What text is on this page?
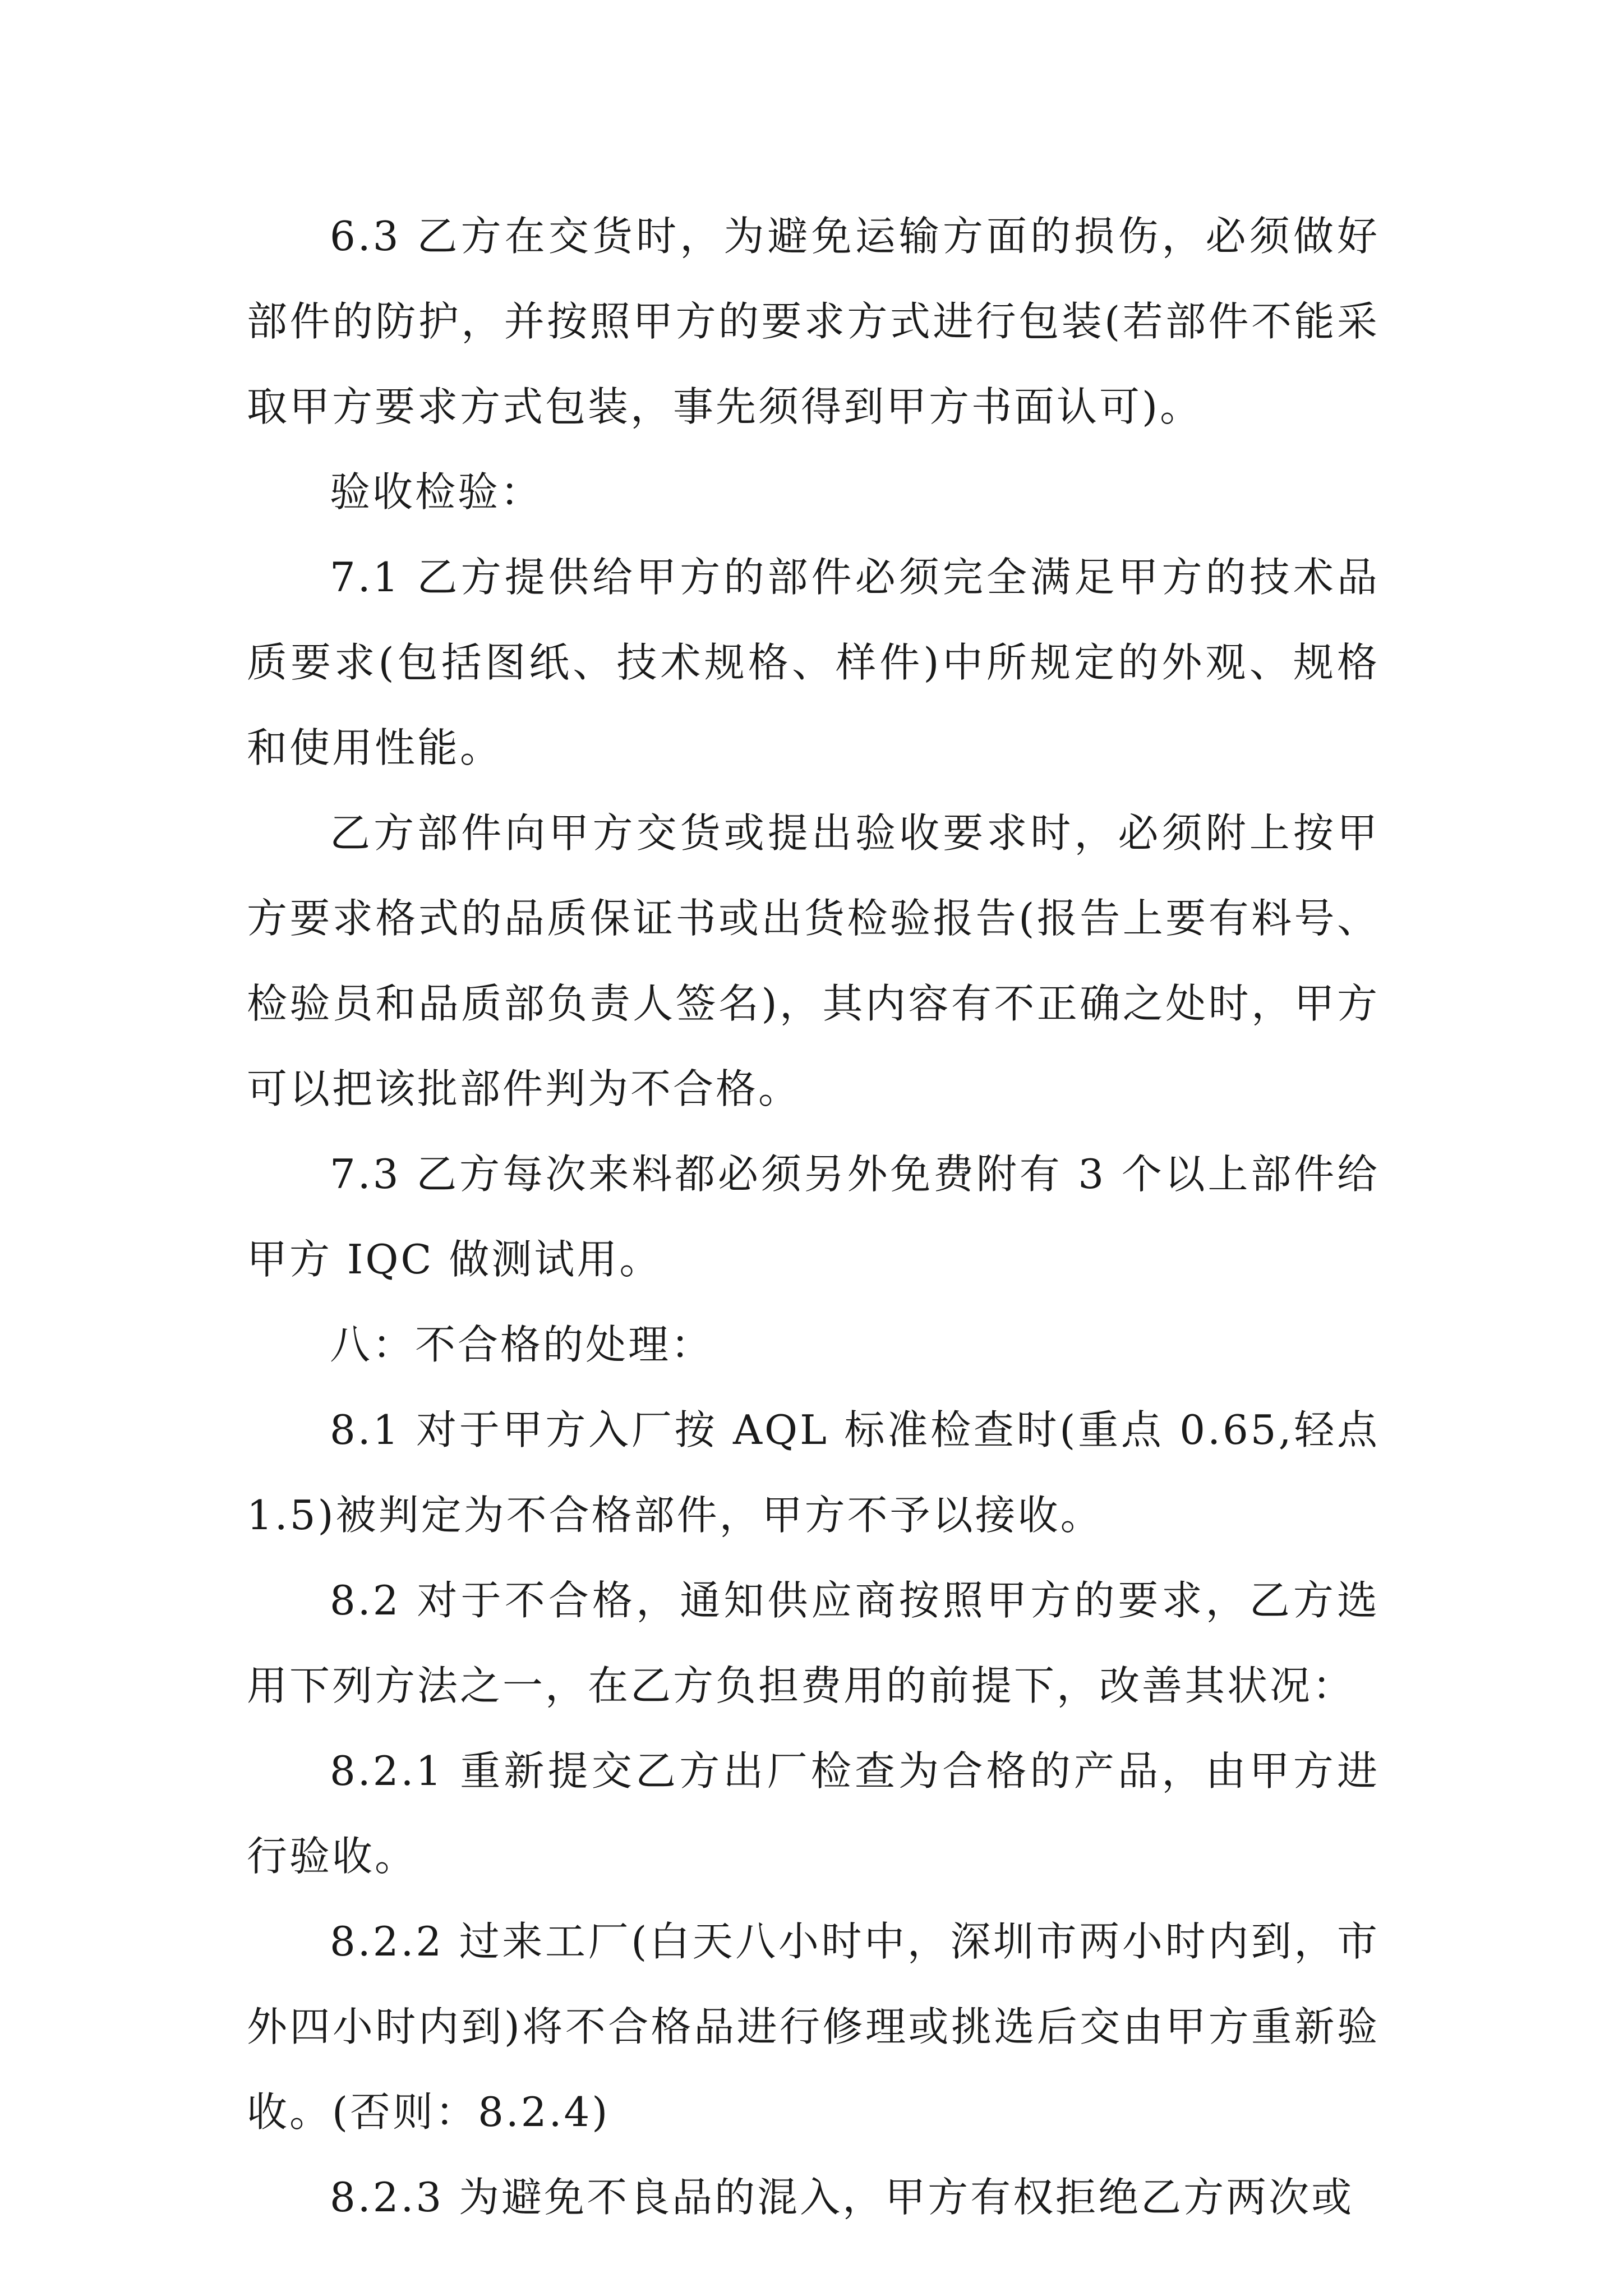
6.3 乙方在交货时，为避免运输方面的损伤，必须做好部件的防护，并按照甲方的要求方式进行包装(若部件不能采取甲方要求方式包装，事先须得到甲方书面认可)。

验收检验：

7.1 乙方提供给甲方的部件必须完全满足甲方的技术品质要求(包括图纸、技术规格、样件)中所规定的外观、规格和使用性能。

乙方部件向甲方交货或提出验收要求时，必须附上按甲方要求格式的品质保证书或出货检验报告(报告上要有料号、检验员和品质部负责人签名)，其内容有不正确之处时，甲方可以把该批部件判为不合格。

7.3 乙方每次来料都必须另外免费附有 3 个以上部件给甲方 IQC 做测试用。

八：不合格的处理：

8.1 对于甲方入厂按 AQL 标准检查时(重点 0.65,轻点 1.5)被判定为不合格部件，甲方不予以接收。

8.2 对于不合格，通知供应商按照甲方的要求，乙方选用下列方法之一，在乙方负担费用的前提下，改善其状况：

8.2.1 重新提交乙方出厂检查为合格的产品，由甲方进行验收。

8.2.2 过来工厂(白天八小时中，深圳市两小时内到，市外四小时内到)将不合格品进行修理或挑选后交由甲方重新验收。(否则：8.2.4)

8.2.3 为避免不良品的混入，甲方有权拒绝乙方两次或
